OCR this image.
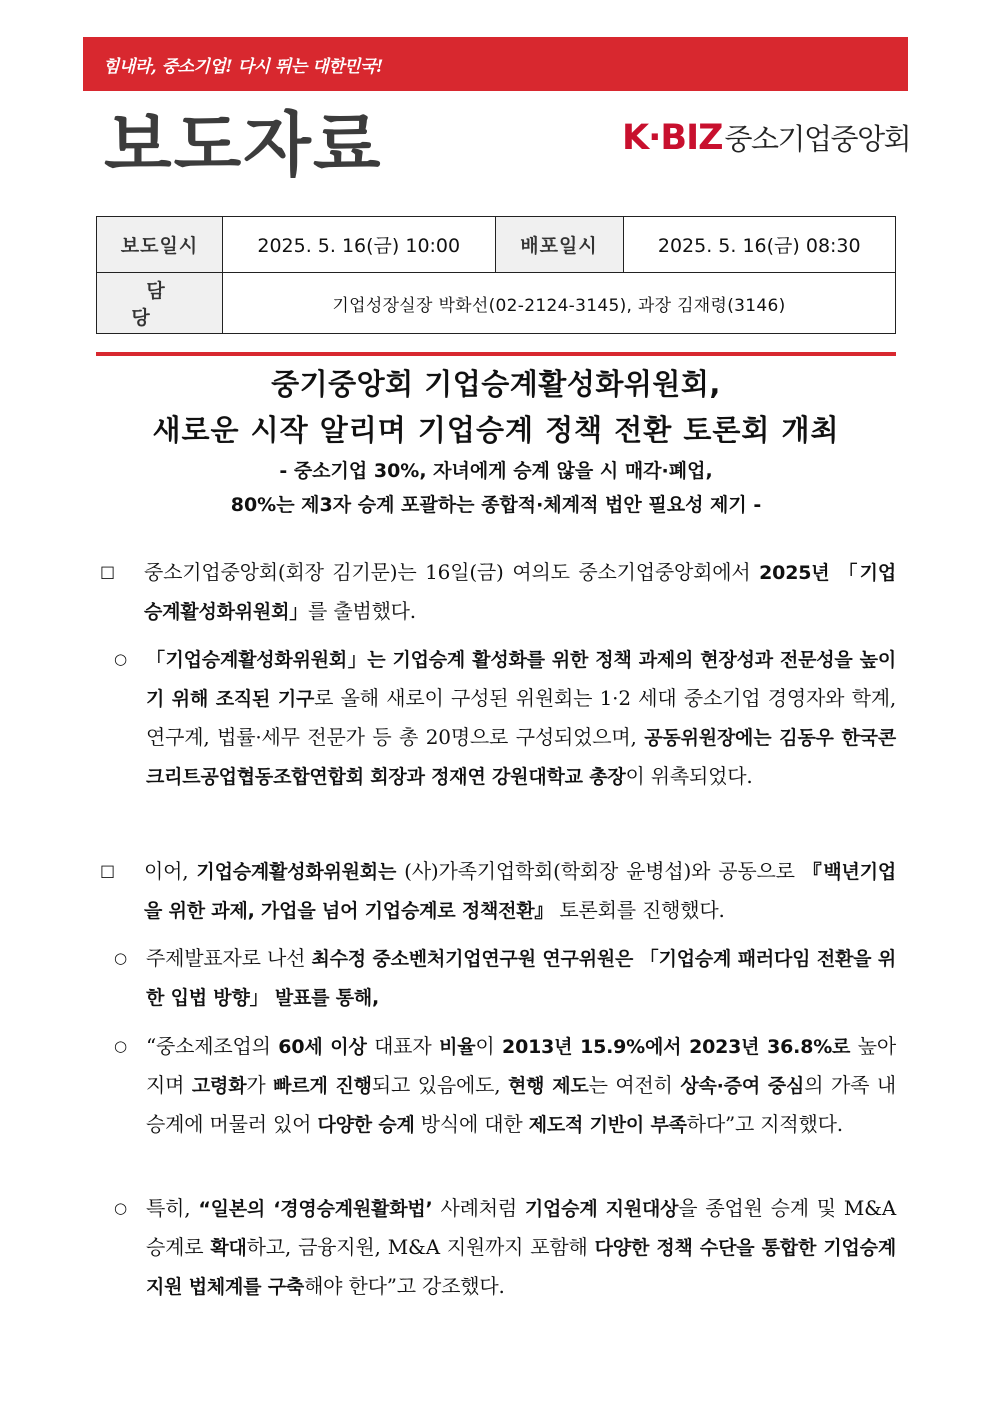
힘내라, 중소기업! 다시 뛰는 대한민국!
보도자료	K·BIZ중소기업중앙회
보도일시	2025. 5. 16(금) 10:00	배포일시	2025. 5. 16(금) 08:30
담당	기업성장실장 박화선(02-2124-3145), 과장 김재령(3146)		
중기중앙회 기업승계활성화위원회,
새로운 시작 알리며 기업승계 정책 전환 토론회 개최
- 중소기업 30%, 자녀에게 승계 않을 시 매각·폐업,
80%는 제3자 승계 포괄하는 종합적·체계적 법안 필요성 제기 -
□ 중소기업중앙회(회장 김기문)는 16일(금) 여의도 중소기업중앙회에서 2025년 「기업승계활성화위원회」를 출범했다.
○ 「기업승계활성화위원회」는 기업승계 활성화를 위한 정책 과제의 현장성과 전문성을 높이기 위해 조직된 기구로 올해 새로이 구성된 위원회는 1·2 세대 중소기업 경영자와 학계, 연구계, 법률·세무 전문가 등 총 20명으로 구성되었으며, 공동위원장에는 김동우 한국콘크리트공업협동조합연합회 회장과 정재연 강원대학교 총장이 위촉되었다.
□ 이어, 기업승계활성화위원회는 (사)가족기업학회(학회장 윤병섭)와 공동으로 『백년기업을 위한 과제, 가업을 넘어 기업승계로 정책전환』 토론회를 진행했다.
○ 주제발표자로 나선 최수정 중소벤처기업연구원 연구위원은 「기업승계 패러다임 전환을 위한 입법 방향」 발표를 통해,
○ “중소제조업의 60세 이상 대표자 비율이 2013년 15.9%에서 2023년 36.8%로 높아지며 고령화가 빠르게 진행되고 있음에도, 현행 제도는 여전히 상속·증여 중심의 가족 내 승계에 머물러 있어 다양한 승계 방식에 대한 제도적 기반이 부족하다”고 지적했다.
○ 특히, “일본의 ‘경영승계원활화법’ 사례처럼 기업승계 지원대상을 종업원 승계 및 M&A 승계로 확대하고, 금융지원, M&A 지원까지 포함해 다양한 정책 수단을 통합한 기업승계 지원 법체계를 구축해야 한다”고 강조했다.
